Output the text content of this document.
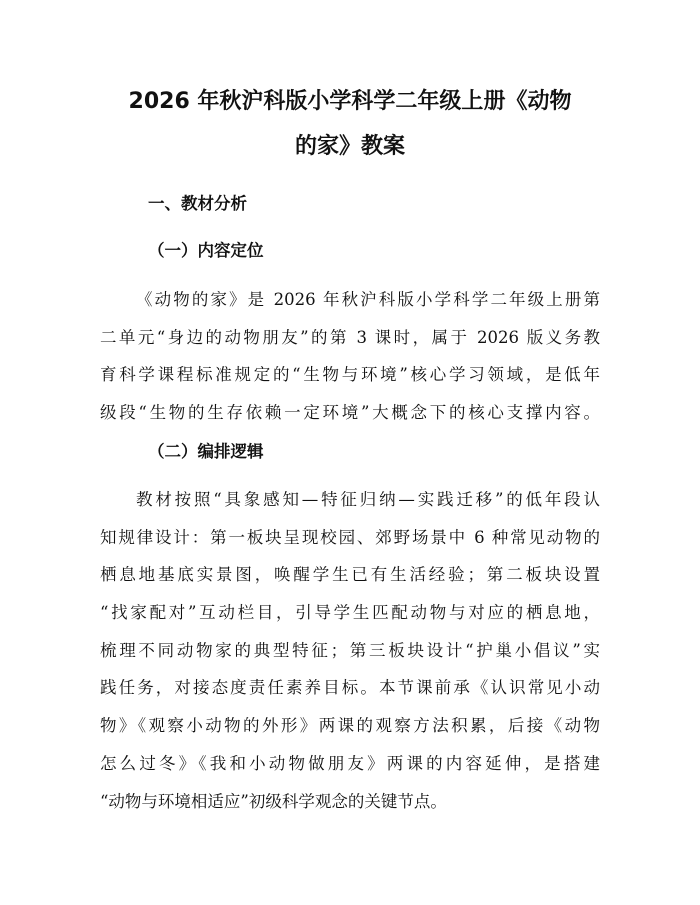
2026 年秋沪科版小学科学二年级上册《动物
的家》教案
一、教材分析
（一）内容定位
《动物的家》是 2026 年秋沪科版小学科学二年级上册第
二单元“身边的动物朋友”的第 3 课时，属于 2026 版义务教
育科学课程标准规定的“生物与环境”核心学习领域，是低年
级段“生物的生存依赖一定环境”大概念下的核心支撑内容。
（二）编排逻辑
教材按照“具象感知—特征归纳—实践迁移”的低年段认
知规律设计：第一板块呈现校园、郊野场景中 6 种常见动物的
栖息地基底实景图，唤醒学生已有生活经验；第二板块设置
“找家配对”互动栏目，引导学生匹配动物与对应的栖息地，
梳理不同动物家的典型特征；第三板块设计“护巢小倡议”实
践任务，对接态度责任素养目标。本节课前承《认识常见小动
物》《观察小动物的外形》两课的观察方法积累，后接《动物
怎么过冬》《我和小动物做朋友》两课的内容延伸，是搭建
“动物与环境相适应”初级科学观念的关键节点。
